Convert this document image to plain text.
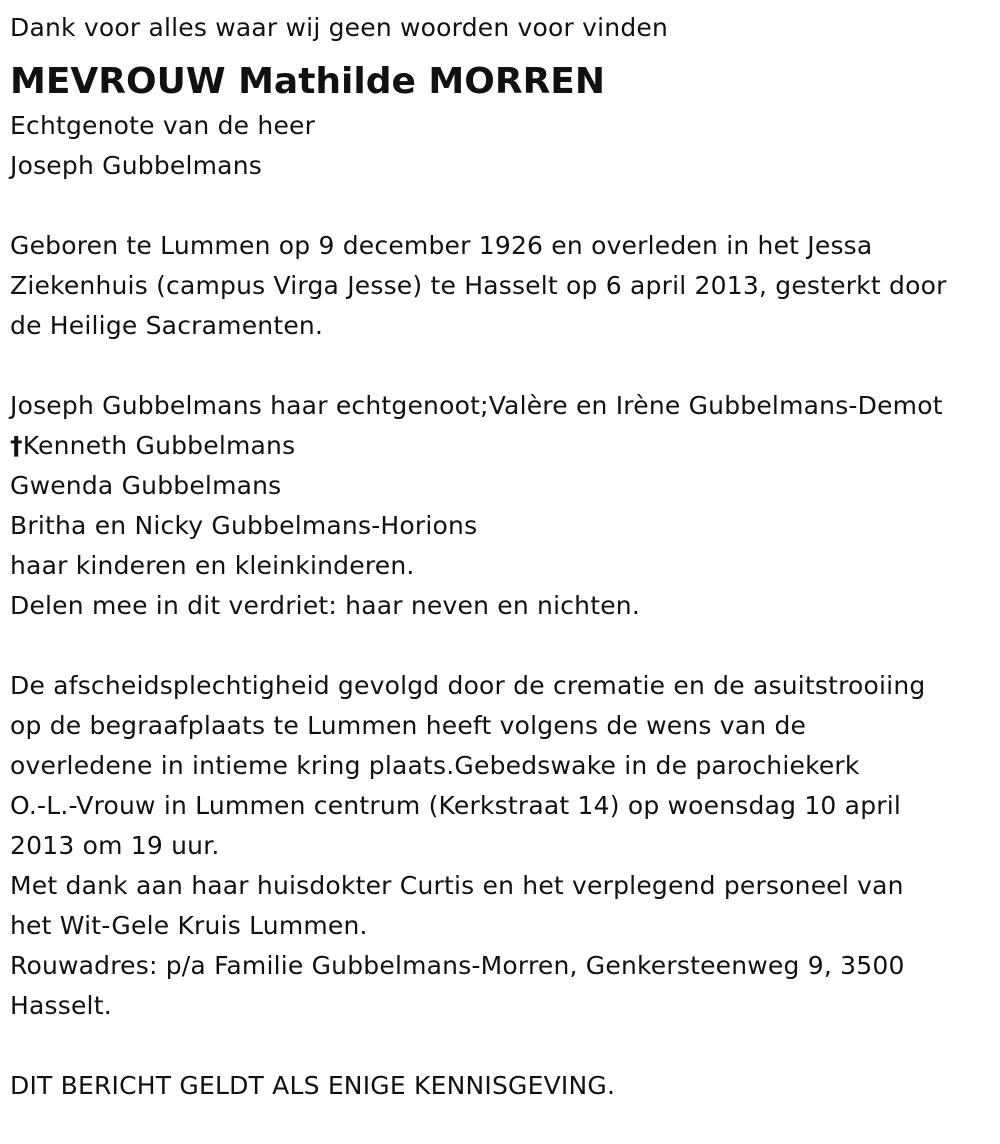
Dank voor alles waar wij geen woorden voor vinden
MEVROUW Mathilde MORREN
Echtgenote van de heer
Joseph Gubbelmans
Geboren te Lummen op 9 december 1926 en overleden in het Jessa
Ziekenhuis (campus Virga Jesse) te Hasselt op 6 april 2013, gesterkt door
de Heilige Sacramenten.
Joseph Gubbelmans haar echtgenoot;Valère en Irène Gubbelmans-Demot
†Kenneth Gubbelmans
Gwenda Gubbelmans
Britha en Nicky Gubbelmans-Horions
haar kinderen en kleinkinderen.
Delen mee in dit verdriet: haar neven en nichten.
De afscheidsplechtigheid gevolgd door de crematie en de asuitstrooiing
op de begraafplaats te Lummen heeft volgens de wens van de
overledene in intieme kring plaats.Gebedswake in de parochiekerk
O.-L.-Vrouw in Lummen centrum (Kerkstraat 14) op woensdag 10 april
2013 om 19 uur.
Met dank aan haar huisdokter Curtis en het verplegend personeel van
het Wit-Gele Kruis Lummen.
Rouwadres: p/a Familie Gubbelmans-Morren, Genkersteenweg 9, 3500
Hasselt.
DIT BERICHT GELDT ALS ENIGE KENNISGEVING.
